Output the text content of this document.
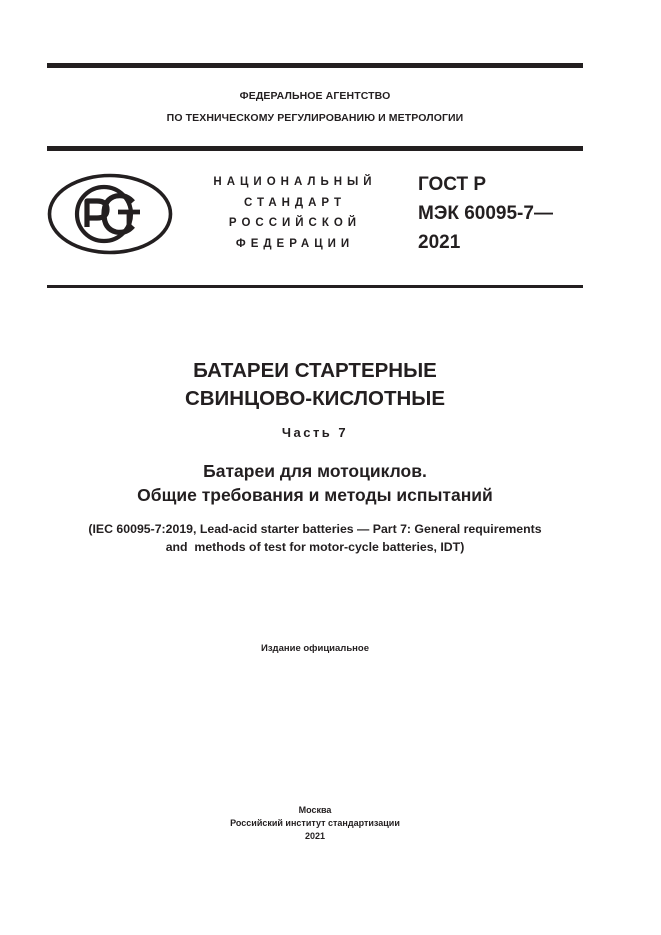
ФЕДЕРАЛЬНОЕ АГЕНТСТВО
ПО ТЕХНИЧЕСКОМУ РЕГУЛИРОВАНИЮ И МЕТРОЛОГИИ
НАЦИОНАЛЬНЫЙ
СТАНДАРТ
РОССИЙСКОЙ
ФЕДЕРАЦИИ
ГОСТ Р
МЭК 60095-7—
2021
БАТАРЕИ СТАРТЕРНЫЕ
СВИНЦОВО-КИСЛОТНЫЕ
Часть 7
Батареи для мотоциклов.
Общие требования и методы испытаний
(IEC 60095-7:2019, Lead-acid starter batteries — Part 7: General requirements
and  methods of test for motor-cycle batteries, IDT)
Издание официальное
Москва
Российский институт стандартизации
2021
